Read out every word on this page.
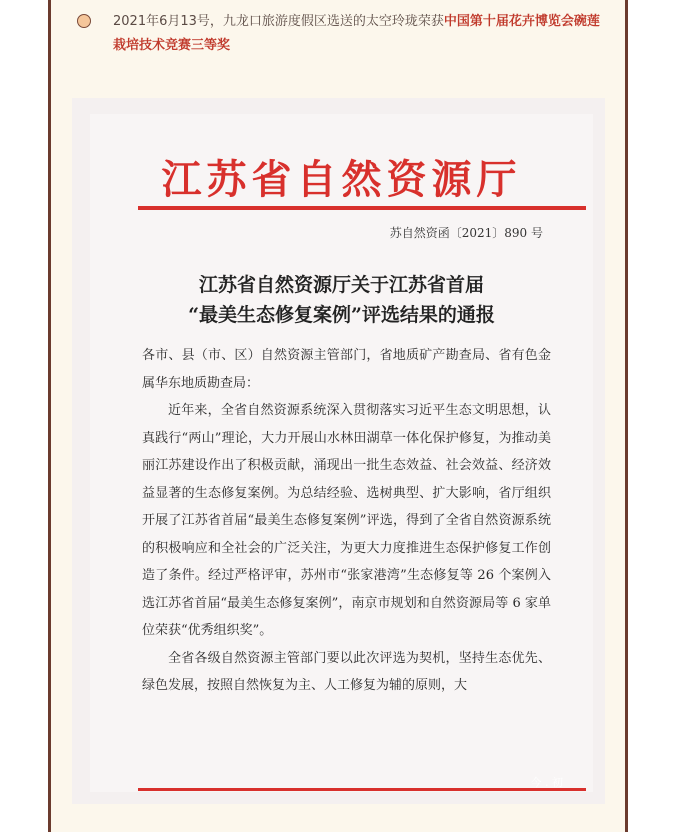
2021年6月13号，九龙口旅游度假区选送的太空玲珑荣获中国第十届花卉博览会碗莲栽培技术竞赛三等奖
江苏省自然资源厅
苏自然资函〔2021〕890 号
江苏省自然资源厅关于江苏省首届
“最美生态修复案例”评选结果的通报

各市、县（市、区）自然资源主管部门，省地质矿产勘查局、省有色金属华东地质勘查局：

近年来，全省自然资源系统深入贯彻落实习近平生态文明思想，认真践行“两山”理论，大力开展山水林田湖草一体化保护修复，为推动美丽江苏建设作出了积极贡献，涌现出一批生态效益、社会效益、经济效益显著的生态修复案例。为总结经验、选树典型、扩大影响，省厅组织开展了江苏省首届“最美生态修复案例”评选，得到了全省自然资源系统的积极响应和全社会的广泛关注，为更大力度推进生态保护修复工作创造了条件。经过严格评审，苏州市“张家港湾”生态修复等 26 个案例入选江苏省首届“最美生态修复案例”，南京市规划和自然资源局等 6 家单位荣获“优秀组织奖”。

全省各级自然资源主管部门要以此次评选为契机，坚持生态优先、绿色发展，按照自然恢复为主、人工修复为辅的原则，大

今 . 初
